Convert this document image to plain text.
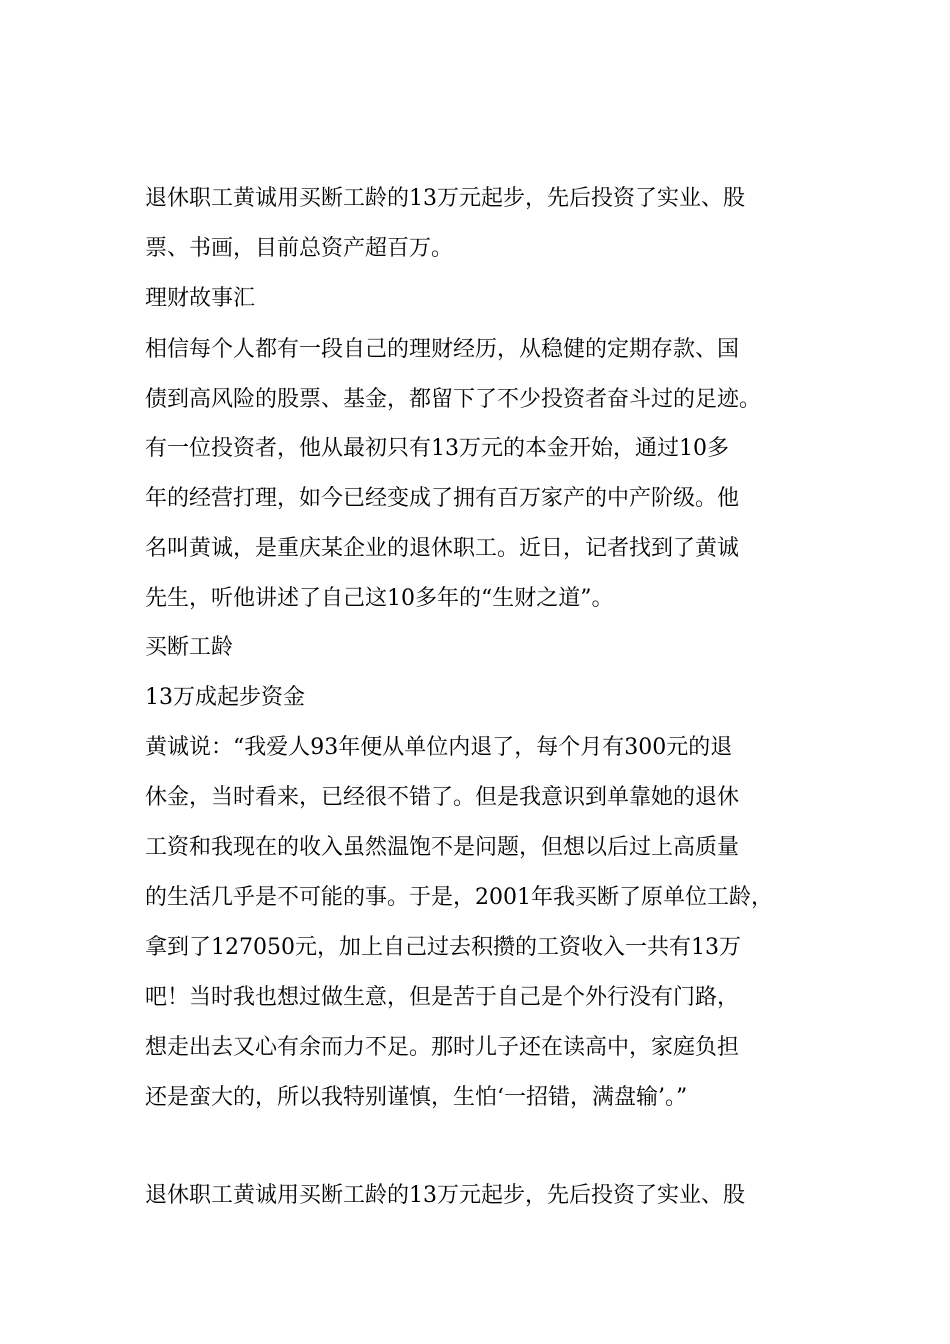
退休职工黄诚用买断工龄的13万元起步，先后投资了实业、股
票、书画，目前总资产超百万。
理财故事汇
相信每个人都有一段自己的理财经历，从稳健的定期存款、国
债到高风险的股票、基金，都留下了不少投资者奋斗过的足迹。
有一位投资者，他从最初只有13万元的本金开始，通过10多
年的经营打理，如今已经变成了拥有百万家产的中产阶级。他
名叫黄诚，是重庆某企业的退休职工。近日，记者找到了黄诚
先生，听他讲述了自己这10多年的“生财之道”。
买断工龄
13万成起步资金
黄诚说：“我爱人93年便从单位内退了，每个月有300元的退
休金，当时看来，已经很不错了。但是我意识到单靠她的退休
工资和我现在的收入虽然温饱不是问题，但想以后过上高质量
的生活几乎是不可能的事。于是，2001年我买断了原单位工龄，
拿到了127050元，加上自己过去积攒的工资收入一共有13万
吧！当时我也想过做生意，但是苦于自己是个外行没有门路，
想走出去又心有余而力不足。那时儿子还在读高中，家庭负担
还是蛮大的，所以我特别谨慎，生怕‘一招错，满盘输’。”
退休职工黄诚用买断工龄的13万元起步，先后投资了实业、股
